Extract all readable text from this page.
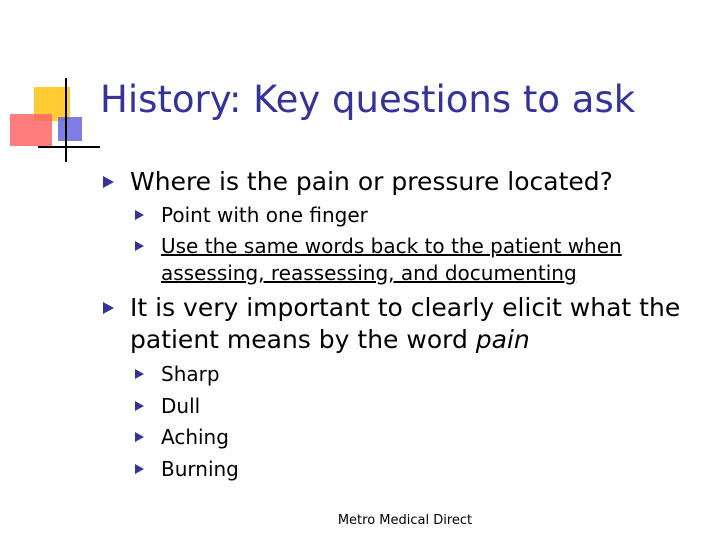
History: Key questions to ask
Where is the pain or pressure located?
Point with one finger
Use the same words back to the patient when assessing, reassessing, and documenting
It is very important to clearly elicit what the patient means by the word pain
Sharp
Dull
Aching
Burning
Metro Medical Direct
